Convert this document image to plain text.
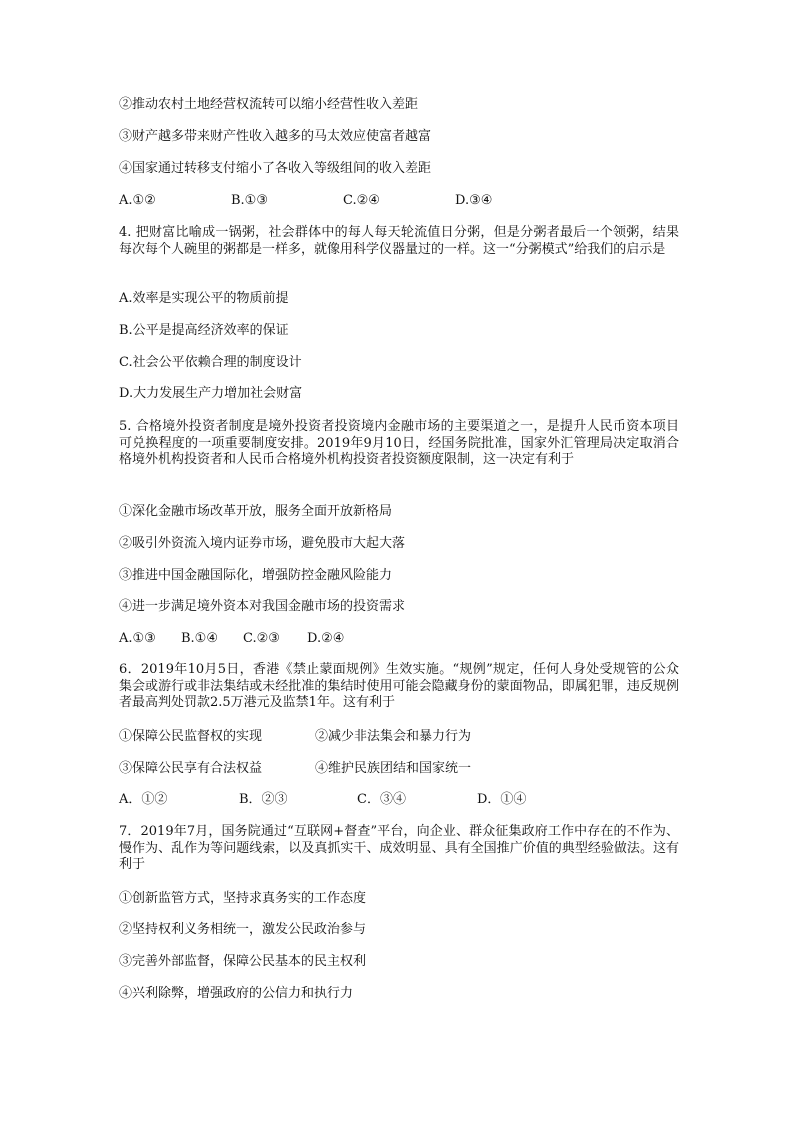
②推动农村土地经营权流转可以缩小经营性收入差距
③财产越多带来财产性收入越多的马太效应使富者越富
④国家通过转移支付缩小了各收入等级组间的收入差距
A.①②	B.①③	C.②④	D.③④
4. 把财富比喻成一锅粥，社会群体中的每人每天轮流值日分粥，但是分粥者最后一个领粥，结果每次每个人碗里的粥都是一样多，就像用科学仪器量过的一样。这一“分粥模式”给我们的启示是
A.效率是实现公平的物质前提
B.公平是提高经济效率的保证
C.社会公平依赖合理的制度设计
D.大力发展生产力增加社会财富
5. 合格境外投资者制度是境外投资者投资境内金融市场的主要渠道之一，是提升人民币资本项目可兑换程度的一项重要制度安排。2019年9月10日，经国务院批准，国家外汇管理局决定取消合格境外机构投资者和人民币合格境外机构投资者投资额度限制，这一决定有利于
①深化金融市场改革开放，服务全面开放新格局
②吸引外资流入境内证券市场，避免股市大起大落
③推进中国金融国际化，增强防控金融风险能力
④进一步满足境外资本对我国金融市场的投资需求
A.①③ B.①④ C.②③ D.②④
6．2019年10月5日，香港《禁止蒙面规例》生效实施。“规例”规定，任何人身处受规管的公众集会或游行或非法集结或未经批准的集结时使用可能会隐藏身份的蒙面物品，即属犯罪，违反规例者最高判处罚款2.5万港元及监禁1年。这有利于
①保障公民监督权的实现	②减少非法集会和暴力行为
③保障公民享有合法权益	④维护民族团结和国家统一
A．①②	B．②③	C．③④	D．①④
7．2019年7月，国务院通过“互联网+督查”平台，向企业、群众征集政府工作中存在的不作为、慢作为、乱作为等问题线索，以及真抓实干、成效明显、具有全国推广价值的典型经验做法。这有利于
①创新监管方式，坚持求真务实的工作态度
②坚持权利义务相统一，激发公民政治参与
③完善外部监督，保障公民基本的民主权利
④兴利除弊，增强政府的公信力和执行力
